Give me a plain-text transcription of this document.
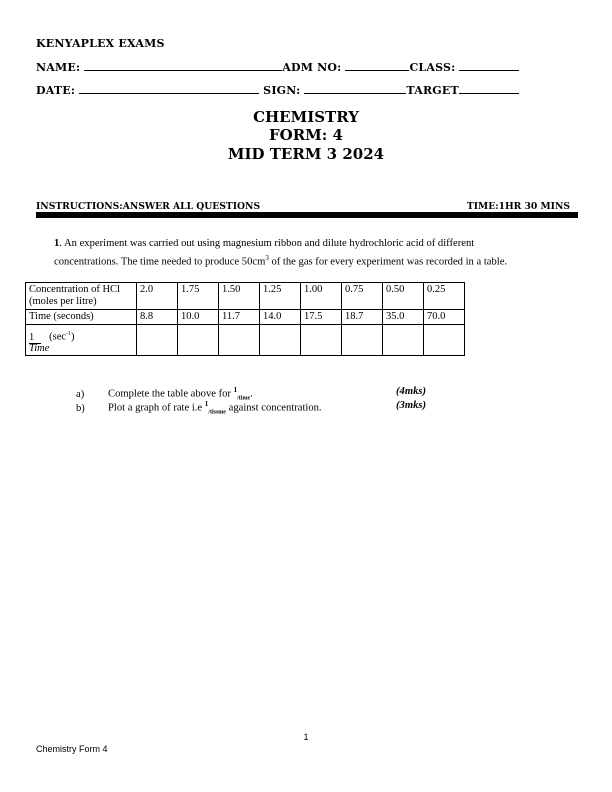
KENYAPLEX EXAMS
NAME:	ADM NO:	CLASS:
DATE:	SIGN:	TARGET
CHEMISTRY
FORM: 4
MID TERM 3 2024
INSTRUCTIONS:ANSWER ALL QUESTIONS	TIME:1HR 30 MINS
1. An experiment was carried out using magnesium ribbon and dilute hydrochloric acid of different
concentrations. The time needed to produce $50cm^3$ of the gas for every experiment was recorded in a table.
Concentration of HCl (moles per litre)	2.0	1.75	1.50	1.25	1.00	0.75	0.50	0.25
Time (seconds)	8.8	10.0	11.7	14.0	17.5	18.7	35.0	70.0

1 $(\sec^{-1})$
Time								

a) Complete the table above for $^1_{/time}$.	(4mks)
b) Plot a graph of rate i.e $^1_{/tissme}$ against concentration.	(3mks)
1
Chemistry Form 4
